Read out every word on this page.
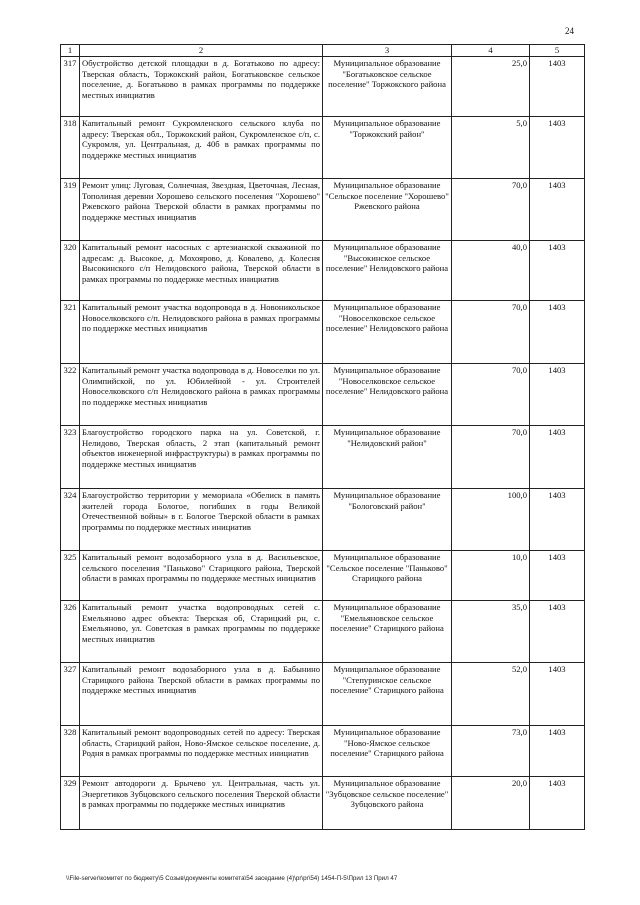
24
1	2	3	4	5
317	Обустройство детской площадки в д. Богатьково по адресу: Тверская область, Торжокский район, Богатьковское сельское поселение, д. Богатьково в рамках программы по поддержке местных инициатив	Муниципальное образование "Богатьковское сельское поселение" Торжокского района	25,0	1403
318	Капитальный ремонт Сукромленского сельского клуба по адресу: Тверская обл., Торжокский район, Сукромленское с/п, с. Сукромля, ул. Центральная, д. 40б в рамках программы по поддержке местных инициатив	Муниципальное образование "Торжокский район"	5,0	1403
319	Ремонт улиц: Луговая, Солнечная, Звездная, Цветочная, Лесная, Тополиная деревни Хорошево сельского поселения "Хорошево" Ржевского района Тверской области в рамках программы по поддержке местных инициатив	Муниципальное образование "Сельское поселение "Хорошево" Ржевского района	70,0	1403
320	Капитальный ремонт насосных с артезианской скважиной по адресам: д. Высокое, д. Мохоярово, д. Ковалево, д. Колесня Высокинского с/п Нелидовского района, Тверской области в рамках программы по поддержке местных инициатив	Муниципальное образование "Высокинское сельское поселение" Нелидовского района	40,0	1403
321	Капитальный ремонт участка водопровода в д. Новоникольское Новоселковского с/п. Нелидовского района в рамках программы по поддержке местных инициатив	Муниципальное образование "Новоселковское сельское поселение" Нелидовского района	70,0	1403
322	Капитальный ремонт участка водопровода в д. Новоселки по ул. Олимпийской, по ул. Юбилейной - ул. Строителей Новоселковского с/п Нелидовского района в рамках программы по поддержке местных инициатив	Муниципальное образование "Новоселковское сельское поселение" Нелидовского района	70,0	1403
323	Благоустройство городского парка на ул. Советской, г. Нелидово, Тверская область, 2 этап (капитальный ремонт объектов инженерной инфраструктуры) в рамках программы по поддержке местных инициатив	Муниципальное образование "Нелидовский район"	70,0	1403
324	Благоустройство территории у мемориала «Обелиск в память жителей города Бологое, погибших в годы Великой Отечественной войны» в г. Бологое Тверской области в рамках программы по поддержке местных инициатив	Муниципальное образование "Бологовский район"	100,0	1403
325	Капитальный ремонт водозаборного узла в д. Васильевское, сельского поселения "Паньково" Старицкого района, Тверской области в рамках программы по поддержке местных инициатив	Муниципальное образование "Сельское поселение "Паньково" Старицкого района	10,0	1403
326	Капитальный ремонт участка водопроводных сетей с. Емельяново адрес объекта: Тверская об, Старицкий рн, с. Емельяново, ул. Советская в рамках программы по поддержке местных инициатив	Муниципальное образование "Емельяновское сельское поселение" Старицкого района	35,0	1403
327	Капитальный ремонт водозаборного узла в д. Бабынино Старицкого района Тверской области в рамках программы по поддержке местных инициатив	Муниципальное образование "Степуринское сельское поселение" Старицкого района	52,0	1403
328	Капитальный ремонт водопроводных сетей по адресу: Тверская область, Старицкий район, Ново-Ямское сельское поселение, д. Родня в рамках программы по поддержке местных инициатив	Муниципальное образование "Ново-Ямское сельское поселение" Старицкого района	73,0	1403
329	Ремонт автодороги д. Брычево ул. Центральная, часть ул. Энергетиков Зубцовского сельского поселения Тверской области в рамках программы по поддержке местных инициатив	Муниципальное образование "Зубцовское сельское поселение" Зубцовского района	20,0	1403
\\File-server\комитет по бюджету\5 Созыв\документы комитета\54 заседание (4)\pr\pr\54) 1454-П-5\Прил 13 Прил 47
